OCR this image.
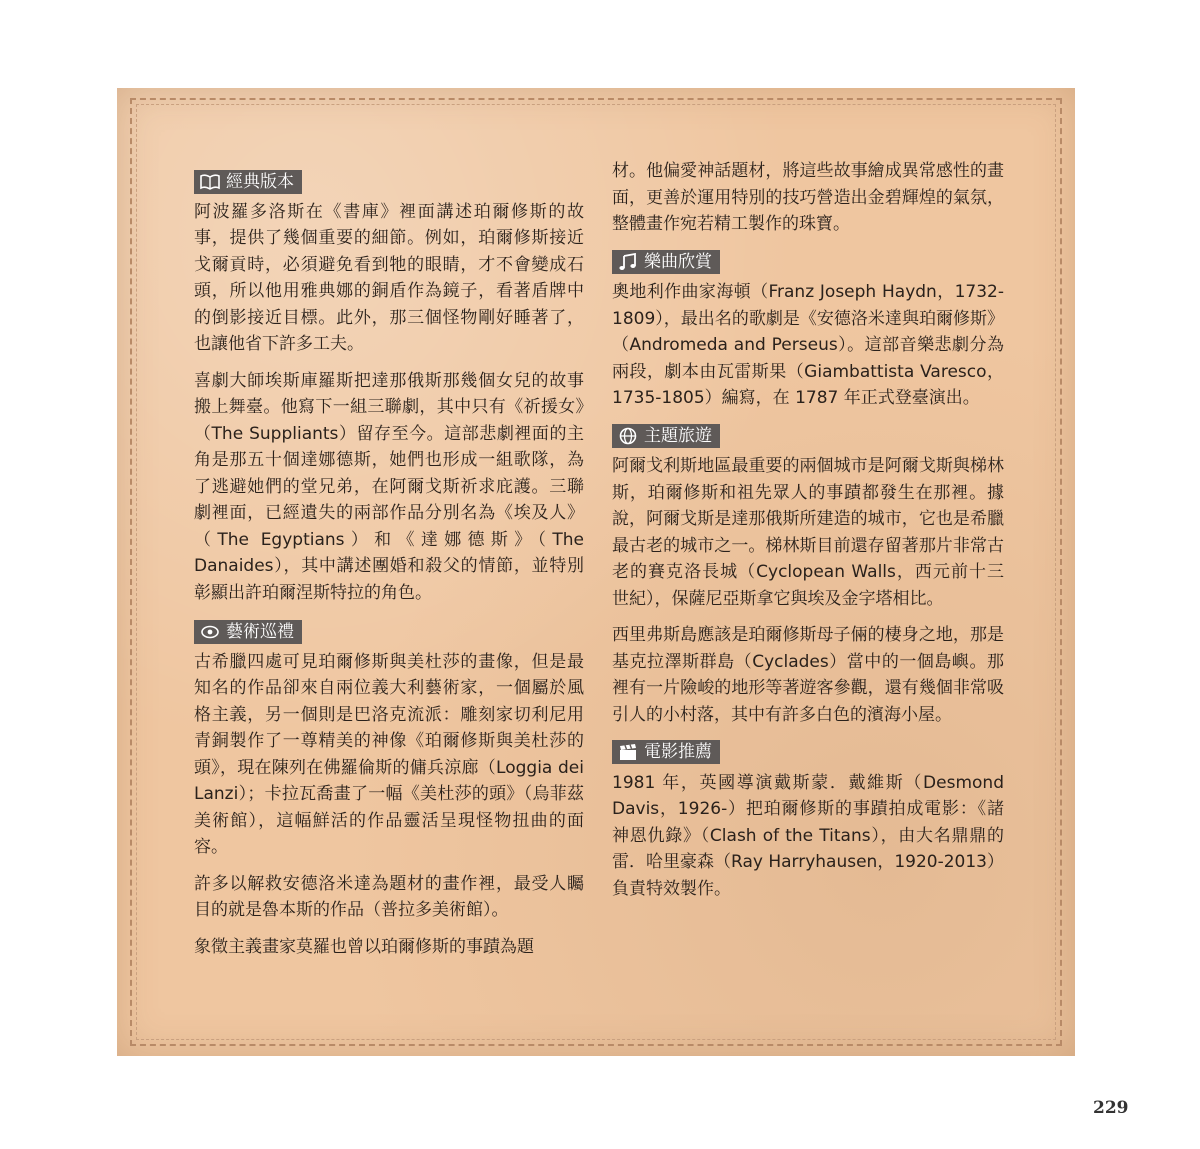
經典版本

阿波羅多洛斯在《書庫》裡面講述珀爾修斯的故事，提供了幾個重要的細節。例如，珀爾修斯接近戈爾貢時，必須避免看到牠的眼睛，才不會變成石頭，所以他用雅典娜的銅盾作為鏡子，看著盾牌中的倒影接近目標。此外，那三個怪物剛好睡著了，也讓他省下許多工夫。

喜劇大師埃斯庫羅斯把達那俄斯那幾個女兒的故事搬上舞臺。他寫下一組三聯劇，其中只有《祈援女》（The Suppliants）留存至今。這部悲劇裡面的主角是那五十個達娜德斯，她們也形成一組歌隊，為了逃避她們的堂兄弟，在阿爾戈斯祈求庇護。三聯劇裡面，已經遺失的兩部作品分別名為《埃及人》（The Egyptians）和《達娜德斯》（The Danaides），其中講述團婚和殺父的情節，並特別彰顯出許珀爾涅斯特拉的角色。

藝術巡禮

古希臘四處可見珀爾修斯與美杜莎的畫像，但是最知名的作品卻來自兩位義大利藝術家，一個屬於風格主義，另一個則是巴洛克流派：雕刻家切利尼用青銅製作了一尊精美的神像《珀爾修斯與美杜莎的頭》，現在陳列在佛羅倫斯的傭兵涼廊（Loggia dei Lanzi）；卡拉瓦喬畫了一幅《美杜莎的頭》（烏菲茲美術館），這幅鮮活的作品靈活呈現怪物扭曲的面容。

許多以解救安德洛米達為題材的畫作裡，最受人矚目的就是魯本斯的作品（普拉多美術館）。

象徵主義畫家莫羅也曾以珀爾修斯的事蹟為題

材。他偏愛神話題材，將這些故事繪成異常感性的畫面，更善於運用特別的技巧營造出金碧輝煌的氣氛，整體畫作宛若精工製作的珠寶。

樂曲欣賞

奧地利作曲家海頓（Franz Joseph Haydn，1732-1809），最出名的歌劇是《安德洛米達與珀爾修斯》（Andromeda and Perseus）。這部音樂悲劇分為兩段，劇本由瓦雷斯果（Giambattista Varesco，1735-1805）編寫，在 1787 年正式登臺演出。

主題旅遊

阿爾戈利斯地區最重要的兩個城市是阿爾戈斯與梯林斯，珀爾修斯和祖先眾人的事蹟都發生在那裡。據說，阿爾戈斯是達那俄斯所建造的城市，它也是希臘最古老的城市之一。梯林斯目前還存留著那片非常古老的賽克洛長城（Cyclopean Walls，西元前十三世紀），保薩尼亞斯拿它與埃及金字塔相比。

西里弗斯島應該是珀爾修斯母子倆的棲身之地，那是基克拉澤斯群島（Cyclades）當中的一個島嶼。那裡有一片險峻的地形等著遊客參觀，還有幾個非常吸引人的小村落，其中有許多白色的濱海小屋。

電影推薦

1981 年，英國導演戴斯蒙．戴維斯（Desmond Davis，1926-）把珀爾修斯的事蹟拍成電影：《諸神恩仇錄》（Clash of the Titans），由大名鼎鼎的雷．哈里豪森（Ray Harryhausen，1920-2013）負責特效製作。

229
